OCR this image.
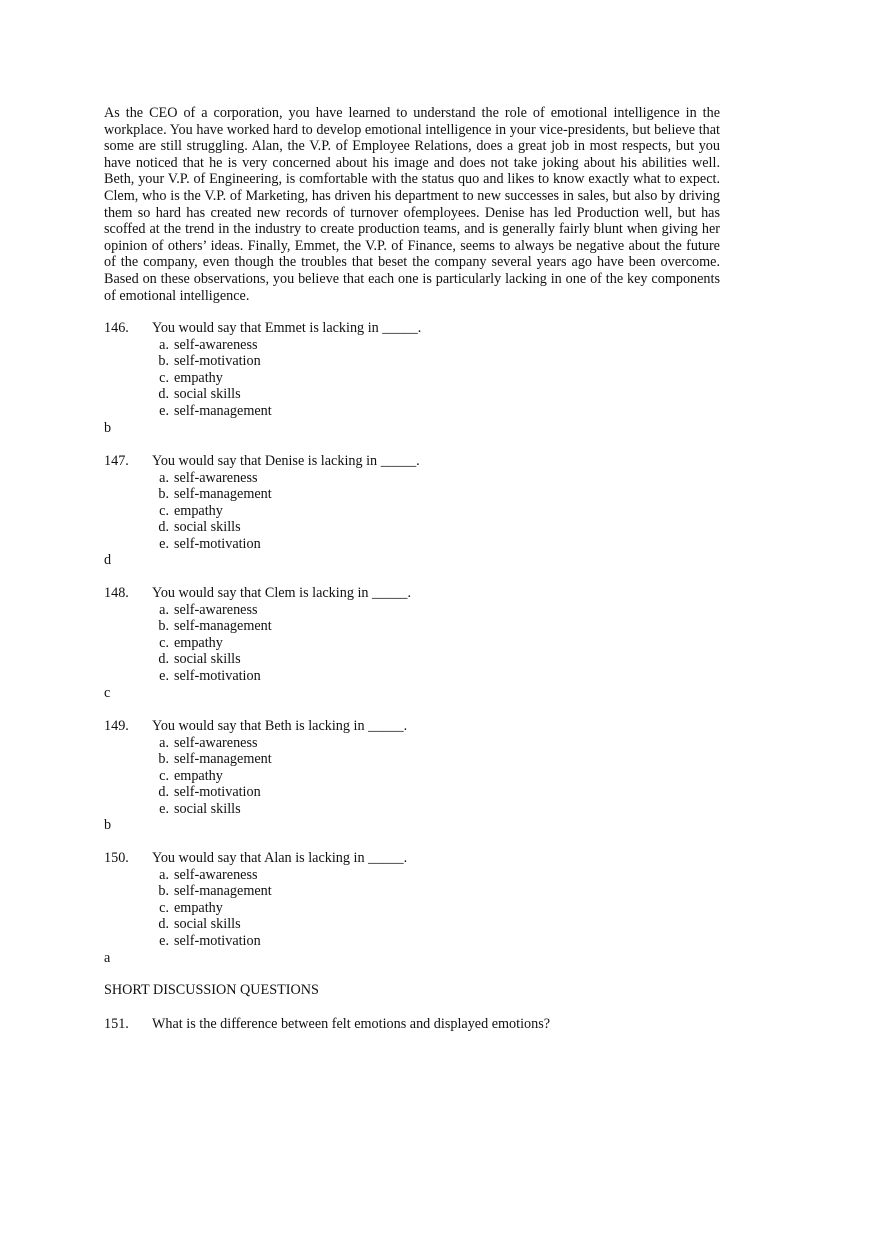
As the CEO of a corporation, you have learned to understand the role of emotional intelligence in the workplace. You have worked hard to develop emotional intelligence in your vice-presidents, but believe that some are still struggling. Alan, the V.P. of Employee Relations, does a great job in most respects, but you have noticed that he is very concerned about his image and does not take joking about his abilities well. Beth, your V.P. of Engineering, is comfortable with the status quo and likes to know exactly what to expect. Clem, who is the V.P. of Marketing, has driven his department to new successes in sales, but also by driving them so hard has created new records of turnover ofemployees. Denise has led Production well, but has scoffed at the trend in the industry to create production teams, and is generally fairly blunt when giving her opinion of others’ ideas. Finally, Emmet, the V.P. of Finance, seems to always be negative about the future of the company, even though the troubles that beset the company several years ago have been overcome. Based on these observations, you believe that each one is particularly lacking in one of the key components of emotional intelligence.

146. You would say that Emmet is lacking in _____.
a. self-awareness
b. self-motivation
c. empathy
d. social skills
e. self-management
b
147. You would say that Denise is lacking in _____.
a. self-awareness
b. self-management
c. empathy
d. social skills
e. self-motivation
d
148. You would say that Clem is lacking in _____.
a. self-awareness
b. self-management
c. empathy
d. social skills
e. self-motivation
c
149. You would say that Beth is lacking in _____.
a. self-awareness
b. self-management
c. empathy
d. self-motivation
e. social skills
b
150. You would say that Alan is lacking in _____.
a. self-awareness
b. self-management
c. empathy
d. social skills
e. self-motivation
a
SHORT DISCUSSION QUESTIONS
151. What is the difference between felt emotions and displayed emotions?
